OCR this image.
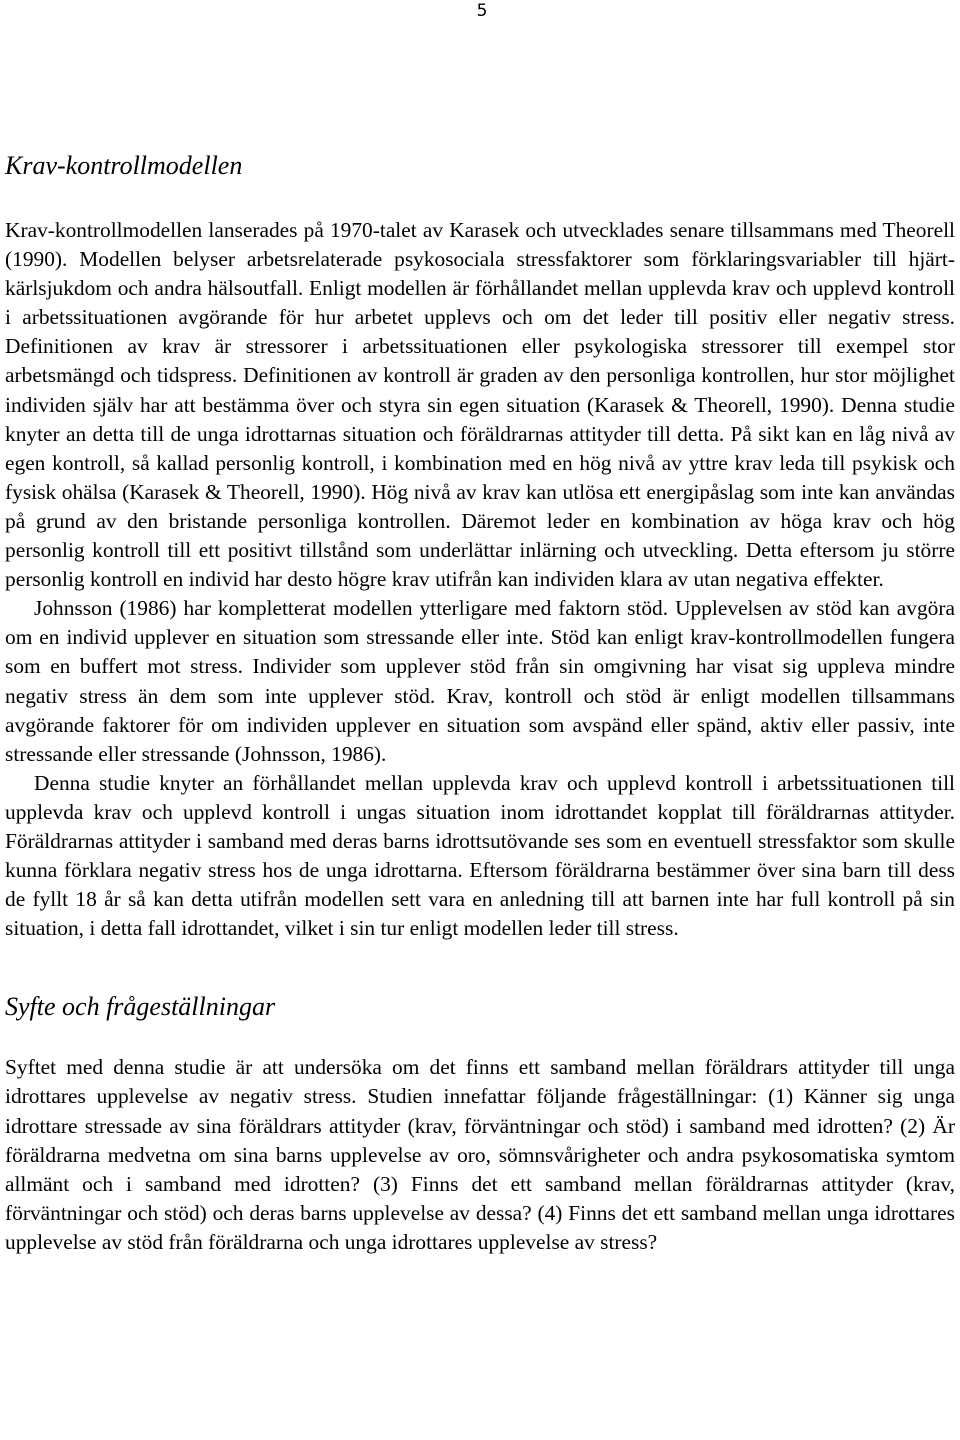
5
Krav-kontrollmodellen

Krav-kontrollmodellen lanserades på 1970-talet av Karasek och utvecklades senare tillsammans med Theorell (1990). Modellen belyser arbetsrelaterade psykosociala stressfaktorer som förklaringsvariabler till hjärt-kärlsjukdom och andra hälsoutfall. Enligt modellen är förhållandet mellan upplevda krav och upplevd kontroll i arbetssituationen avgörande för hur arbetet upplevs och om det leder till positiv eller negativ stress. Definitionen av krav är stressorer i arbetssituationen eller psykologiska stressorer till exempel stor arbetsmängd och tidspress. Definitionen av kontroll är graden av den personliga kontrollen, hur stor möjlighet individen själv har att bestämma över och styra sin egen situation (Karasek & Theorell, 1990). Denna studie knyter an detta till de unga idrottarnas situation och föräldrarnas attityder till detta. På sikt kan en låg nivå av egen kontroll, så kallad personlig kontroll, i kombination med en hög nivå av yttre krav leda till psykisk och fysisk ohälsa (Karasek & Theorell, 1990). Hög nivå av krav kan utlösa ett energipåslag som inte kan användas på grund av den bristande personliga kontrollen. Däremot leder en kombination av höga krav och hög personlig kontroll till ett positivt tillstånd som underlättar inlärning och utveckling. Detta eftersom ju större personlig kontroll en individ har desto högre krav utifrån kan individen klara av utan negativa effekter.

Johnsson (1986) har kompletterat modellen ytterligare med faktorn stöd. Upplevelsen av stöd kan avgöra om en individ upplever en situation som stressande eller inte. Stöd kan enligt krav-kontrollmodellen fungera som en buffert mot stress. Individer som upplever stöd från sin omgivning har visat sig uppleva mindre negativ stress än dem som inte upplever stöd. Krav, kontroll och stöd är enligt modellen tillsammans avgörande faktorer för om individen upplever en situation som avspänd eller spänd, aktiv eller passiv, inte stressande eller stressande (Johnsson, 1986).

Denna studie knyter an förhållandet mellan upplevda krav och upplevd kontroll i arbetssituationen till upplevda krav och upplevd kontroll i ungas situation inom idrottandet kopplat till föräldrarnas attityder. Föräldrarnas attityder i samband med deras barns idrottsutövande ses som en eventuell stressfaktor som skulle kunna förklara negativ stress hos de unga idrottarna. Eftersom föräldrarna bestämmer över sina barn till dess de fyllt 18 år så kan detta utifrån modellen sett vara en anledning till att barnen inte har full kontroll på sin situation, i detta fall idrottandet, vilket i sin tur enligt modellen leder till stress.

Syfte och frågeställningar

Syftet med denna studie är att undersöka om det finns ett samband mellan föräldrars attityder till unga idrottares upplevelse av negativ stress. Studien innefattar följande frågeställningar: (1) Känner sig unga idrottare stressade av sina föräldrars attityder (krav, förväntningar och stöd) i samband med idrotten? (2) Är föräldrarna medvetna om sina barns upplevelse av oro, sömnsvårigheter och andra psykosomatiska symtom allmänt och i samband med idrotten? (3) Finns det ett samband mellan föräldrarnas attityder (krav, förväntningar och stöd) och deras barns upplevelse av dessa? (4) Finns det ett samband mellan unga idrottares upplevelse av stöd från föräldrarna och unga idrottares upplevelse av stress?
